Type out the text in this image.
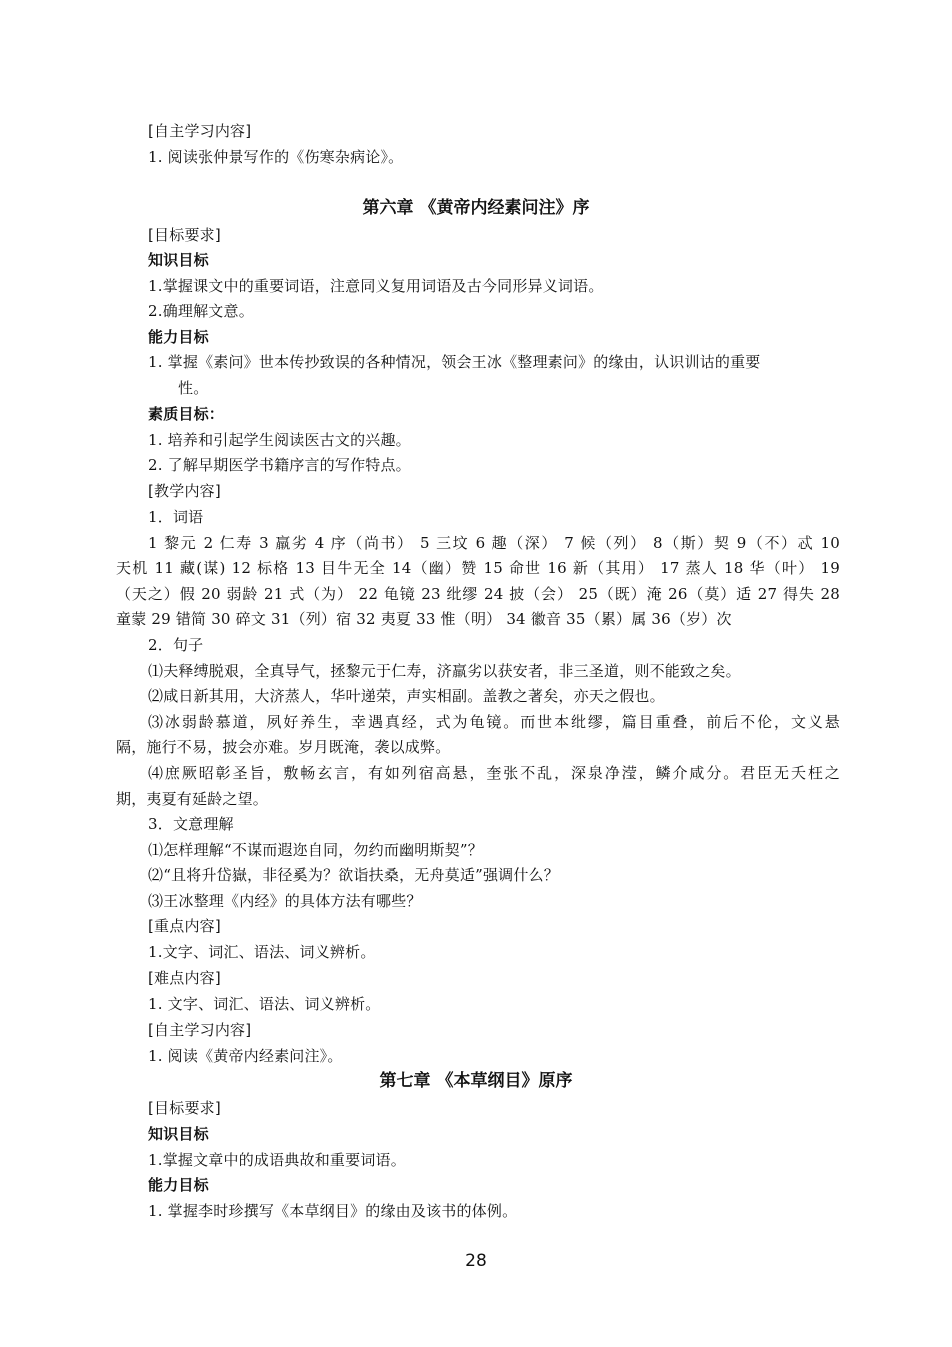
[自主学习内容]
1. 阅读张仲景写作的《伤寒杂病论》。
第六章 《黄帝内经素问注》序
[目标要求]
知识目标
1.掌握课文中的重要词语，注意同义复用词语及古今同形异义词语。
2.确理解文意。
能力目标
1. 掌握《素问》世本传抄致误的各种情况，领会王冰《整理素问》的缘由，认识训诂的重要
性。
素质目标：
1. 培养和引起学生阅读医古文的兴趣。
2. 了解早期医学书籍序言的写作特点。
[教学内容]
1．词语
1 黎元 2 仁寿 3 羸劣 4 序（尚书） 5 三坟 6 趣（深） 7 候（列） 8（斯）契 9（不）忒 10
天机 11 藏(谋) 12 标格 13 目牛无全 14（幽）赞 15 命世 16 新（其用） 17 蒸人 18 华（叶） 19
（天之）假 20 弱龄 21 式（为） 22 龟镜 23 纰缪 24 披（会） 25（既）淹 26（莫）适 27 得失 28
童蒙 29 错简 30 碎文 31（列）宿 32 夷夏 33 惟（明） 34 徽音 35（累）属 36（岁）次
2．句子
⑴夫释缚脱艰，全真导气，拯黎元于仁寿，济羸劣以获安者，非三圣道，则不能致之矣。
⑵咸日新其用，大济蒸人，华叶递荣，声实相副。盖教之著矣，亦天之假也。
⑶冰弱龄慕道，夙好养生，幸遇真经，式为龟镜。而世本纰缪，篇目重叠，前后不伦，文义悬
隔，施行不易，披会亦难。岁月既淹，袭以成弊。
⑷庶厥昭彰圣旨，敷畅玄言，有如列宿高悬，奎张不乱，深泉净滢，鳞介咸分。君臣无夭枉之
期，夷夏有延龄之望。
3．文意理解
⑴怎样理解“不谋而遐迩自同，勿约而幽明斯契”？
⑵“且将升岱嶽，非径奚为？欲诣扶桑，无舟莫适”强调什么？
⑶王冰整理《内经》的具体方法有哪些？
[重点内容]
1.文字、词汇、语法、词义辨析。
[难点内容]
1. 文字、词汇、语法、词义辨析。
[自主学习内容]
1. 阅读《黄帝内经素问注》。
第七章 《本草纲目》原序
[目标要求]
知识目标
1.掌握文章中的成语典故和重要词语。
能力目标
1. 掌握李时珍撰写《本草纲目》的缘由及该书的体例。
28
